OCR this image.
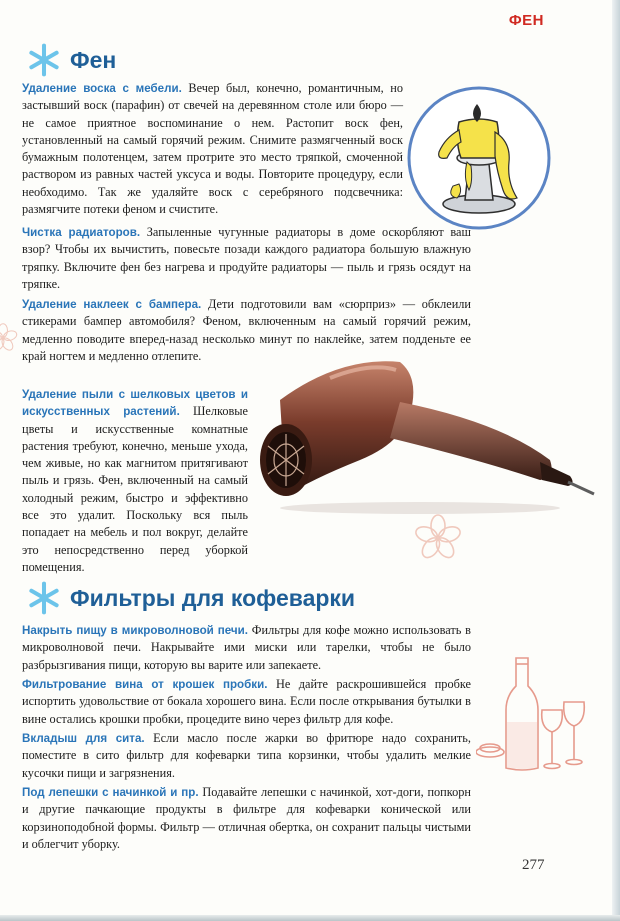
ФЕН
Фен

Удаление воска с мебели. Вечер был, конечно, романтичным, но застывший воск (парафин) от свечей на деревянном столе или бюро — не самое приятное воспоминание о нем. Растопит воск фен, установленный на самый горячий режим. Снимите размягченный воск бумажным полотенцем, затем протрите это место тряпкой, смоченной раствором из равных частей уксуса и воды. Повторите процедуру, если необходимо. Так же удаляйте воск с серебряного подсвечника: размягчите потеки феном и счистите.

Чистка радиаторов. Запыленные чугунные радиаторы в доме оскорбляют ваш взор? Чтобы их вычистить, повесьте позади каждого радиатора большую влажную тряпку. Включите фен без нагрева и продуйте радиаторы — пыль и грязь осядут на тряпке.

Удаление наклеек с бампера. Дети подготовили вам «сюрприз» — обклеили стикерами бампер автомобиля? Феном, включенным на самый горячий режим, медленно поводите вперед-назад несколько минут по наклейке, затем подденьте ее край ногтем и медленно отлепите.

Удаление пыли с шелковых цветов и искусственных растений. Шелковые цветы и искусственные комнатные растения требуют, конечно, меньше ухода, чем живые, но как магнитом притягивают пыль и грязь. Фен, включенный на самый холодный режим, быстро и эффективно все это удалит. Поскольку вся пыль попадает на мебель и пол вокруг, делайте это непосредственно перед уборкой помещения.

Фильтры для кофеварки

Накрыть пищу в микроволновой печи. Фильтры для кофе можно использовать в микроволновой печи. Накрывайте ими миски или тарелки, чтобы не было разбрызгивания пищи, которую вы варите или запекаете.

Фильтрование вина от крошек пробки. Не дайте раскрошившейся пробке испортить удовольствие от бокала хорошего вина. Если после открывания бутылки в вине остались крошки пробки, процедите вино через фильтр для кофе.

Вкладыш для сита. Если масло после жарки во фритюре надо сохранить, поместите в сито фильтр для кофеварки типа корзинки, чтобы удалить мелкие кусочки пищи и загрязнения.

Под лепешки с начинкой и пр. Подавайте лепешки с начинкой, хот-доги, попкорн и другие пачкающие продукты в фильтре для кофеварки конической или корзиноподобной формы. Фильтр — отличная обертка, он сохранит пальцы чистыми и облегчит уборку.

277
